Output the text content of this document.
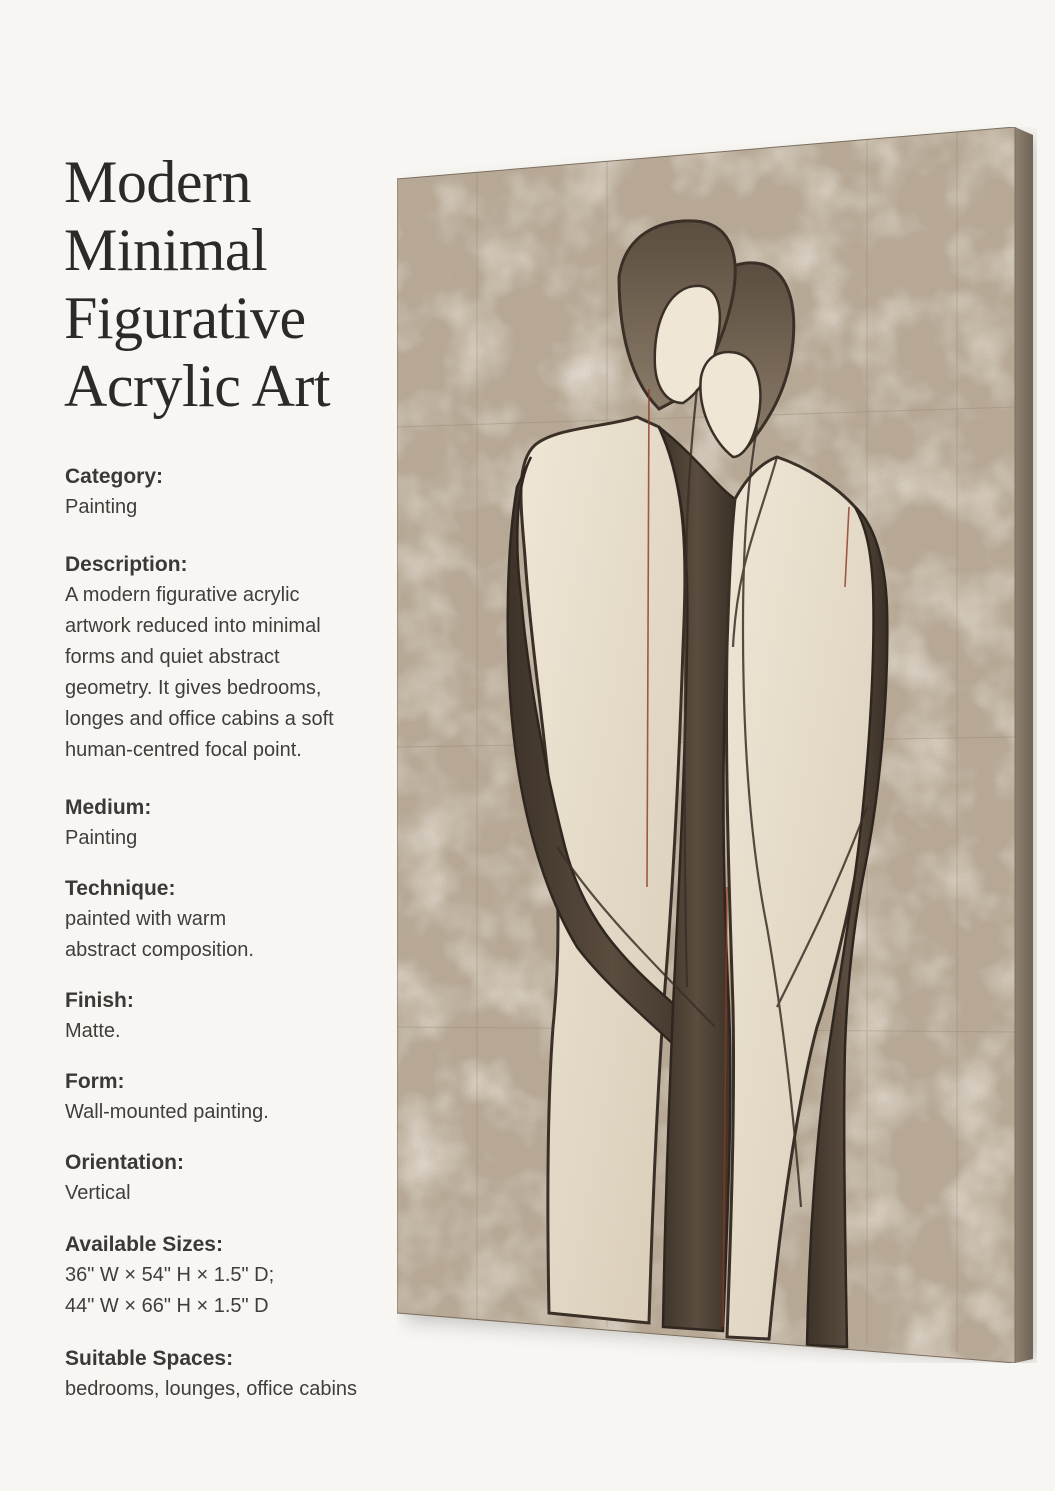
Modern
Minimal
Figurative
Acrylic Art
Category:
Painting
Description:
A modern figurative acrylic
artwork reduced into minimal
forms and quiet abstract
geometry. It gives bedrooms,
longes and office cabins a soft
human-centred focal point.
Medium:
Painting
Technique:
painted with warm
abstract composition.
Finish:
Matte.
Form:
Wall-mounted painting.
Orientation:
Vertical
Available Sizes:
36" W × 54" H × 1.5" D;
44" W × 66" H × 1.5" D
Suitable Spaces:
bedrooms, lounges, office cabins
